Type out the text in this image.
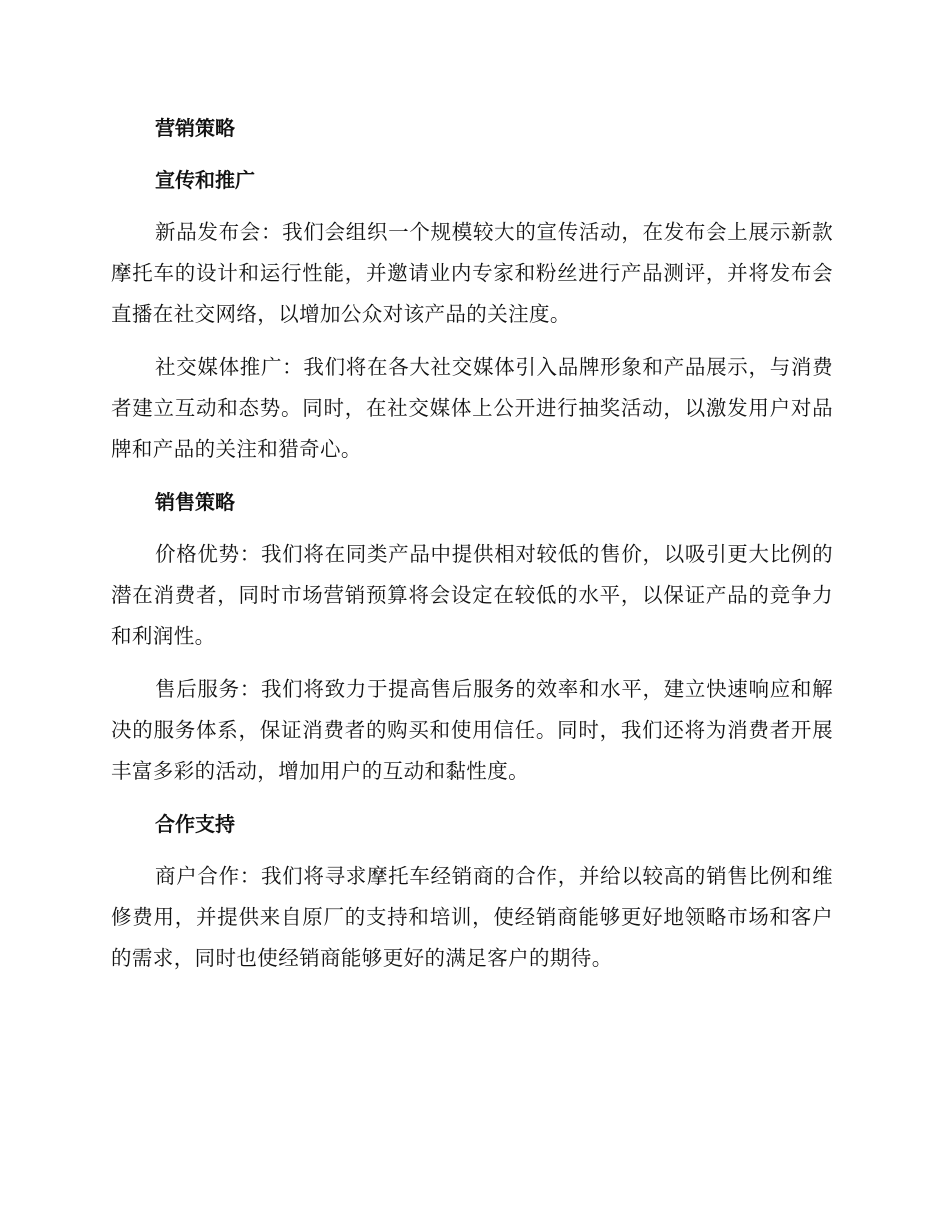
营销策略
宣传和推广

新品发布会：我们会组织一个规模较大的宣传活动，在发布会上展示新款摩托车的设计和运行性能，并邀请业内专家和粉丝进行产品测评，并将发布会直播在社交网络，以增加公众对该产品的关注度。

社交媒体推广：我们将在各大社交媒体引入品牌形象和产品展示，与消费者建立互动和态势。同时，在社交媒体上公开进行抽奖活动，以激发用户对品牌和产品的关注和猎奇心。

销售策略

价格优势：我们将在同类产品中提供相对较低的售价，以吸引更大比例的潜在消费者，同时市场营销预算将会设定在较低的水平，以保证产品的竞争力和利润性。

售后服务：我们将致力于提高售后服务的效率和水平，建立快速响应和解决的服务体系，保证消费者的购买和使用信任。同时，我们还将为消费者开展丰富多彩的活动，增加用户的互动和黏性度。

合作支持

商户合作：我们将寻求摩托车经销商的合作，并给以较高的销售比例和维修费用，并提供来自原厂的支持和培训，使经销商能够更好地领略市场和客户的需求，同时也使经销商能够更好的满足客户的期待。
